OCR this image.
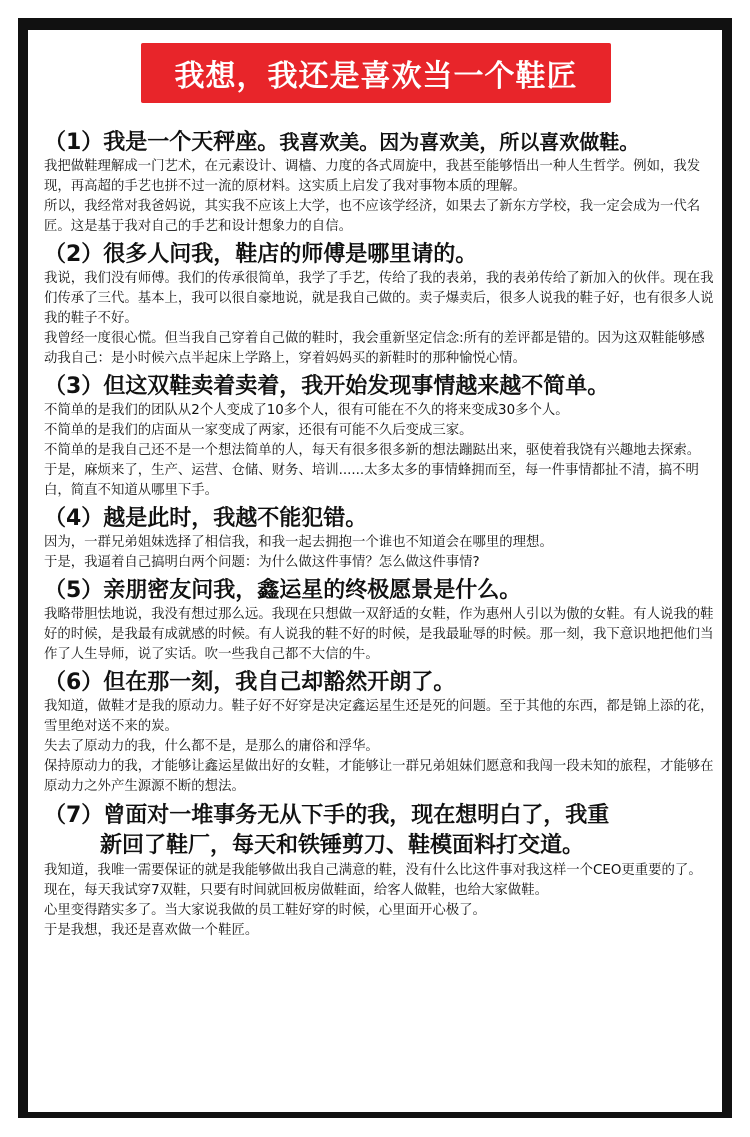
我想，我还是喜欢当一个鞋匠
（1）我是一个天秤座。我喜欢美。因为喜欢美，所以喜欢做鞋。

我把做鞋理解成一门艺术，在元素设计、调樯、力度的各式周旋中，我甚至能够悟出一种人生哲学。例如，我发现，再高超的手艺也拼不过一流的原材料。这实质上启发了我对事物本质的理解。

所以，我经常对我爸妈说，其实我不应该上大学，也不应该学经济，如果去了新东方学校，我一定会成为一代名匠。这是基于我对自己的手艺和设计想象力的自信。

（2）很多人问我，鞋店的师傅是哪里请的。

我说，我们没有师傅。我们的传承很简单，我学了手艺，传给了我的表弟，我的表弟传给了新加入的伙伴。现在我们传承了三代。基本上，我可以很自豪地说，就是我自己做的。卖子爆卖后，很多人说我的鞋子好，也有很多人说我的鞋子不好。

我曾经一度很心慌。但当我自己穿着自己做的鞋时，我会重新坚定信念:所有的差评都是错的。因为这双鞋能够感动我自己：是小时候六点半起床上学路上，穿着妈妈买的新鞋时的那种愉悦心情。

（3）但这双鞋卖着卖着，我开始发现事情越来越不简单。

不简单的是我们的团队从2个人变成了10多个人，很有可能在不久的将来变成30多个人。

不简单的是我们的店面从一家变成了两家，还很有可能不久后变成三家。

不简单的是我自己还不是一个想法简单的人，每天有很多很多新的想法蹦跶出来，驱使着我饶有兴趣地去探索。

于是，麻烦来了，生产、运营、仓储、财务、培训......太多太多的事情蜂拥而至，每一件事情都扯不清，搞不明白，简直不知道从哪里下手。

（4）越是此时，我越不能犯错。

因为，一群兄弟姐妹选择了相信我，和我一起去拥抱一个谁也不知道会在哪里的理想。

于是，我逼着自己搞明白两个问题：为什么做这件事情？怎么做这件事情?

（5）亲朋密友问我，鑫运星的终极愿景是什么。

我略带胆怯地说，我没有想过那么远。我现在只想做一双舒适的女鞋，作为惠州人引以为傲的女鞋。有人说我的鞋好的时候，是我最有成就感的时候。有人说我的鞋不好的时候，是我最耻辱的时候。那一刻，我下意识地把他们当作了人生导师，说了实话。吹一些我自己都不大信的牛。

（6）但在那一刻，我自己却豁然开朗了。

我知道，做鞋才是我的原动力。鞋子好不好穿是决定鑫运星生还是死的问题。至于其他的东西，都是锦上添的花，雪里绝对送不来的炭。

失去了原动力的我，什么都不是，是那么的庸俗和浮华。

保持原动力的我，才能够让鑫运星做出好的女鞋，才能够让一群兄弟姐妹们愿意和我闯一段未知的旅程，才能够在原动力之外产生源源不断的想法。

（7）曾面对一堆事务无从下手的我，现在想明白了，我重
新回了鞋厂，每天和铁锤剪刀、鞋模面料打交道。

我知道，我唯一需要保证的就是我能够做出我自己满意的鞋，没有什么比这件事对我这样一个CEO更重要的了。

现在，每天我试穿7双鞋，只要有时间就回板房做鞋面，给客人做鞋，也给大家做鞋。

心里变得踏实多了。当大家说我做的员工鞋好穿的时候，心里面开心极了。

于是我想，我还是喜欢做一个鞋匠。
